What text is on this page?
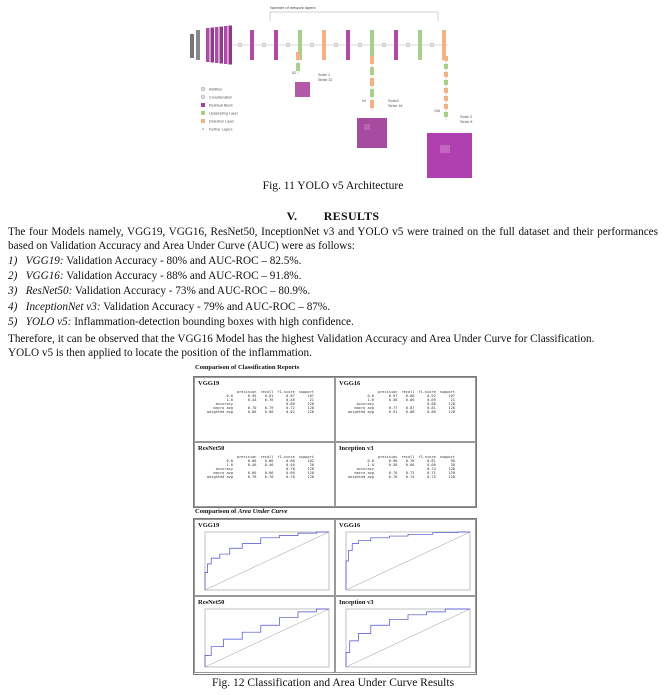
Number of network layers
Addition
Concatenation
Residual Block
Upsampling Layer
Detection Layer
Further Layers
82	Scale 1
Stride 32
94	Scale2
Stride 16
106
Scale 3
Stride 8
Fig. 11 YOLO v5 Architecture
V.        RESULTS

The four Models namely, VGG19, VGG16, ResNet50, InceptionNet v3 and YOLO v5 were trained on the full dataset and their performances based on Validation Accuracy and Area Under Curve (AUC) were as follows:

1) VGG19: Validation Accuracy - 80% and AUC-ROC – 82.5%.
2) VGG16: Validation Accuracy - 88% and AUC-ROC – 91.8%.
3) ResNet50: Validation Accuracy - 73% and AUC-ROC – 80.9%.
4) InceptionNet v3: Validation Accuracy - 79% and AUC-ROC – 87%.
5) YOLO v5: Inflammation-detection bounding boxes with high confidence.

Therefore, it can be observed that the VGG16 Model has the highest Validation Accuracy and Area Under Curve for Classification.

YOLO v5 is then applied to locate the position of the inflammation.

Comparison of Classification Reports
VGG19
	precision	recall	f1-score	support

0.0	0.95	0.81	0.87	107
1.0	0.44	0.76	0.56	21

accuracy			0.80	128
macro avg	0.70	0.79	0.72	128
weighted avg	0.86	0.80	0.82	128
VGG16
	precision	recall	f1-score	support

0.0	0.97	0.88	0.92	107
1.0	0.58	0.86	0.69	21

accuracy			0.88	128
macro avg	0.77	0.87	0.81	128
weighted avg	0.91	0.88	0.88	128
ResNet50
	precision	recall	f1-score	support

0.0	0.86	0.86	0.86	102
1.0	0.46	0.46	0.46	26

accuracy			0.78	128
macro avg	0.66	0.66	0.66	128
weighted avg	0.78	0.78	0.78	128
Inception v3
	precision	recall	f1-score	support

0.0	0.90	0.78	0.81	90
1.0	0.56	0.66	0.60	38

accuracy			0.74	128
macro avg	0.70	0.72	0.71	128
weighted avg	0.76	0.74	0.75	128
Comparison of Area Under Curve
VGG19	VGG16
ResNet50	Inception v3
Fig. 12 Classification and Area Under Curve Results
